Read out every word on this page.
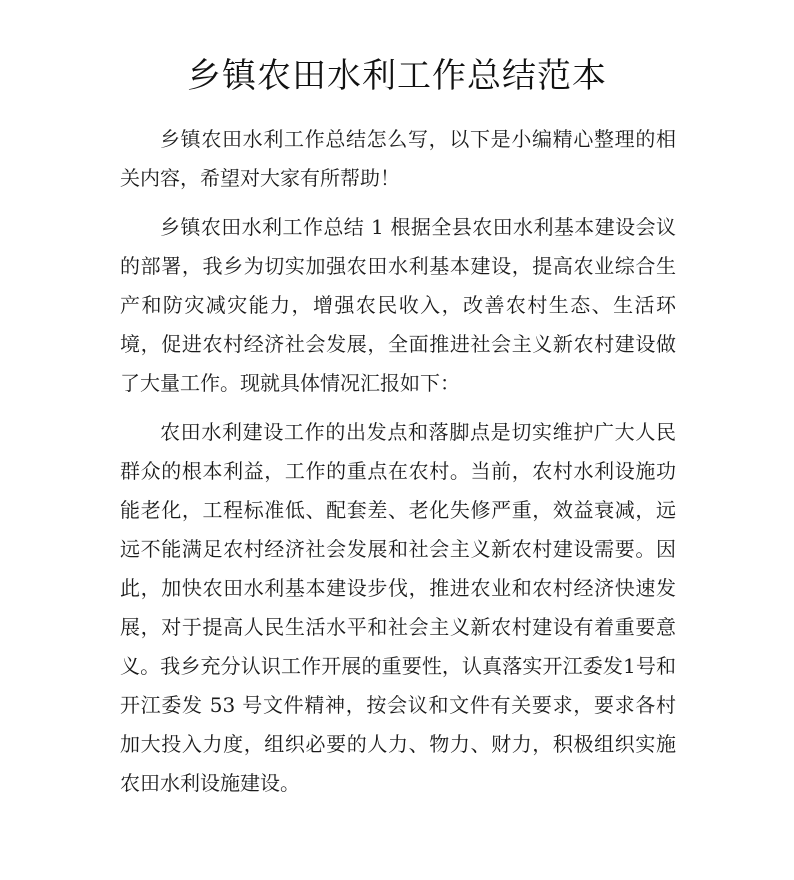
乡镇农田水利工作总结范本

乡镇农田水利工作总结怎么写，以下是小编精心整理的相关内容，希望对大家有所帮助！

乡镇农田水利工作总结 1 根据全县农田水利基本建设会议的部署，我乡为切实加强农田水利基本建设，提高农业综合生产和防灾减灾能力，增强农民收入，改善农村生态、生活环境，促进农村经济社会发展，全面推进社会主义新农村建设做了大量工作。现就具体情况汇报如下：

农田水利建设工作的出发点和落脚点是切实维护广大人民群众的根本利益，工作的重点在农村。当前，农村水利设施功能老化，工程标准低、配套差、老化失修严重，效益衰减，远远不能满足农村经济社会发展和社会主义新农村建设需要。因此，加快农田水利基本建设步伐，推进农业和农村经济快速发展，对于提高人民生活水平和社会主义新农村建设有着重要意义。我乡充分认识工作开展的重要性，认真落实开江委发1号和开江委发 53 号文件精神，按会议和文件有关要求，要求各村加大投入力度，组织必要的人力、物力、财力，积极组织实施农田水利设施建设。
